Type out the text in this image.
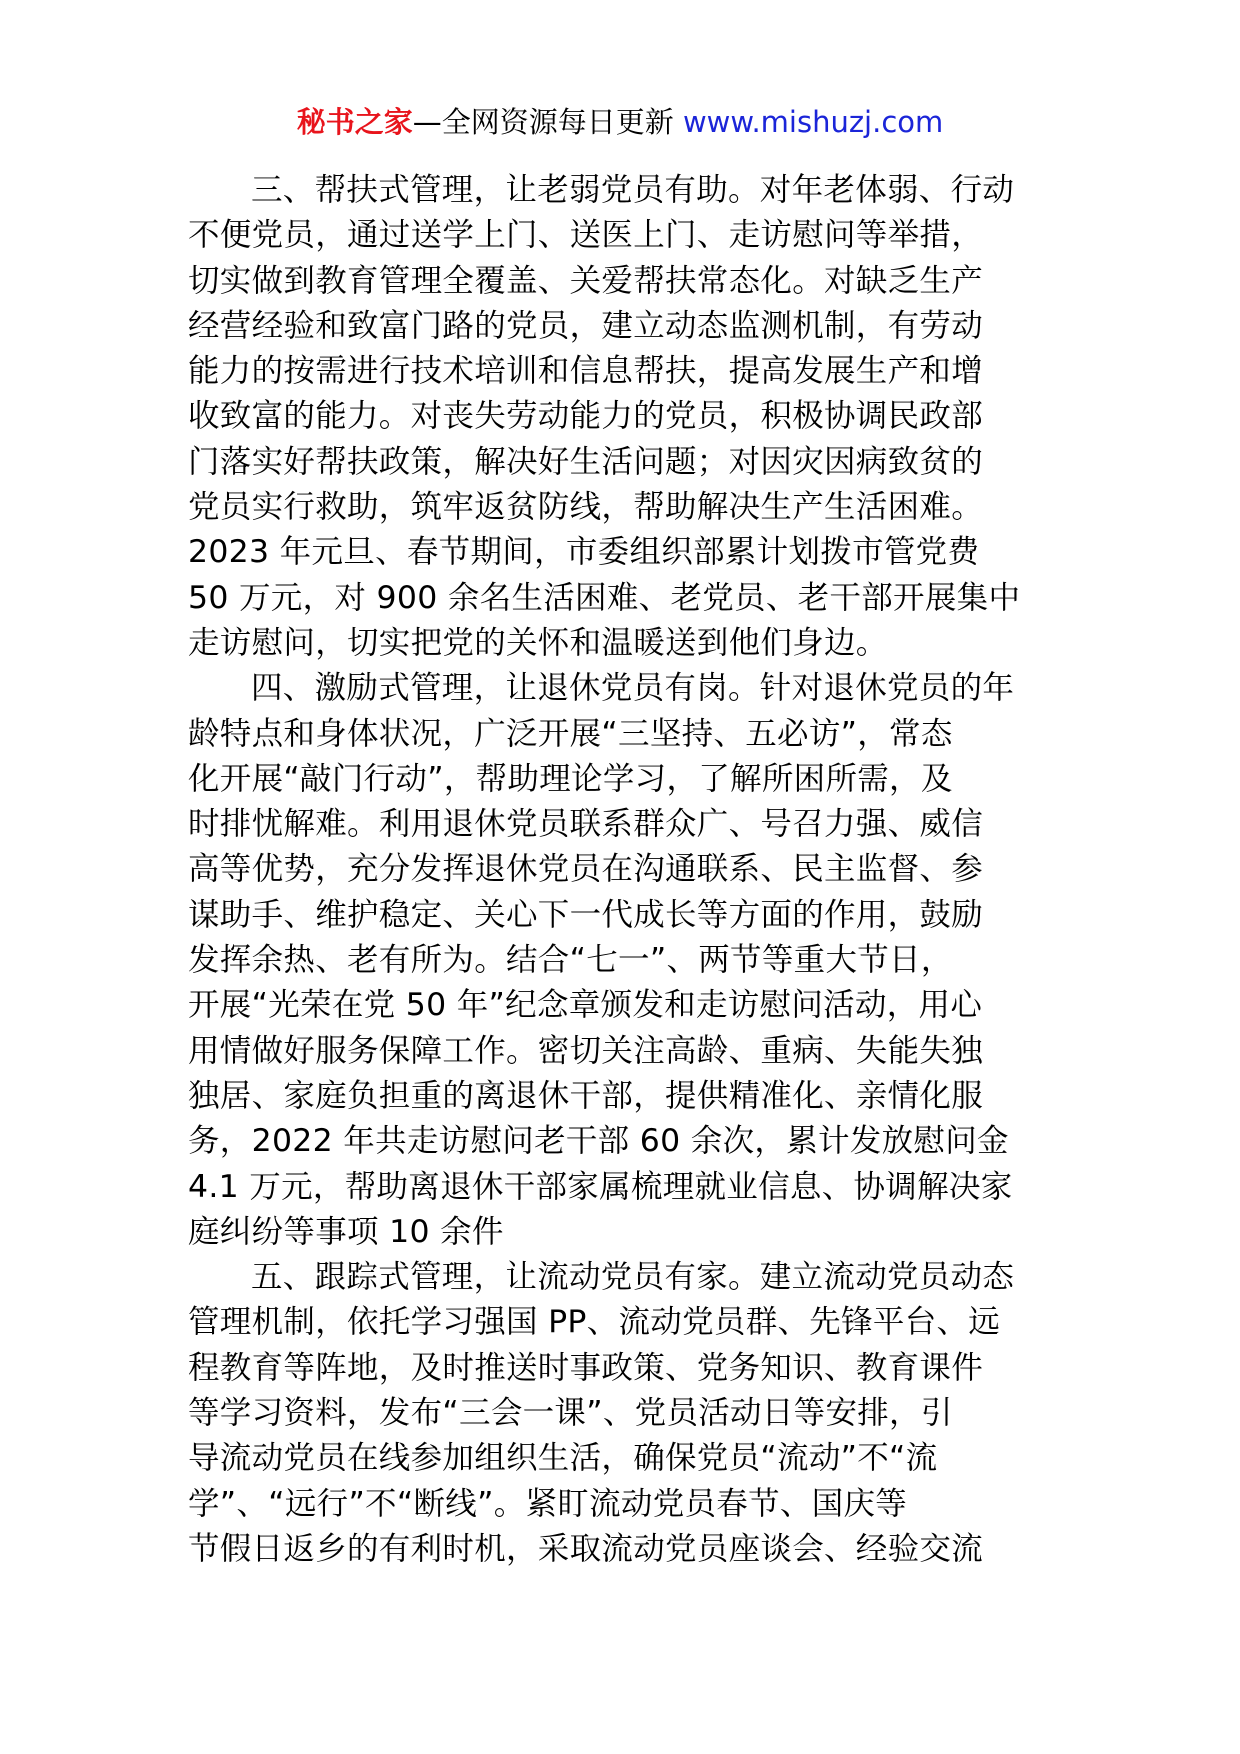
秘书之家—全网资源每日更新 www.mishuzj.com
三、帮扶式管理，让老弱党员有助。对年老体弱、行动
不便党员，通过送学上门、送医上门、走访慰问等举措，
切实做到教育管理全覆盖、关爱帮扶常态化。对缺乏生产
经营经验和致富门路的党员，建立动态监测机制，有劳动
能力的按需进行技术培训和信息帮扶，提高发展生产和增
收致富的能力。对丧失劳动能力的党员，积极协调民政部
门落实好帮扶政策，解决好生活问题；对因灾因病致贫的
党员实行救助，筑牢返贫防线，帮助解决生产生活困难。
2023 年元旦、春节期间，市委组织部累计划拨市管党费
50 万元，对 900 余名生活困难、老党员、老干部开展集中
走访慰问，切实把党的关怀和温暖送到他们身边。
四、激励式管理，让退休党员有岗。针对退休党员的年
龄特点和身体状况，广泛开展“三坚持、五必访”，常态
化开展“敲门行动”，帮助理论学习，了解所困所需，及
时排忧解难。利用退休党员联系群众广、号召力强、威信
高等优势，充分发挥退休党员在沟通联系、民主监督、参
谋助手、维护稳定、关心下一代成长等方面的作用，鼓励
发挥余热、老有所为。结合“七一”、两节等重大节日，
开展“光荣在党 50 年”纪念章颁发和走访慰问活动，用心
用情做好服务保障工作。密切关注高龄、重病、失能失独
独居、家庭负担重的离退休干部，提供精准化、亲情化服
务，2022 年共走访慰问老干部 60 余次，累计发放慰问金
4.1 万元，帮助离退休干部家属梳理就业信息、协调解决家
庭纠纷等事项 10 余件
五、跟踪式管理，让流动党员有家。建立流动党员动态
管理机制，依托学习强国 PP、流动党员群、先锋平台、远
程教育等阵地，及时推送时事政策、党务知识、教育课件
等学习资料，发布“三会一课”、党员活动日等安排，引
导流动党员在线参加组织生活，确保党员“流动”不“流
学”、“远行”不“断线”。紧盯流动党员春节、国庆等
节假日返乡的有利时机，采取流动党员座谈会、经验交流
